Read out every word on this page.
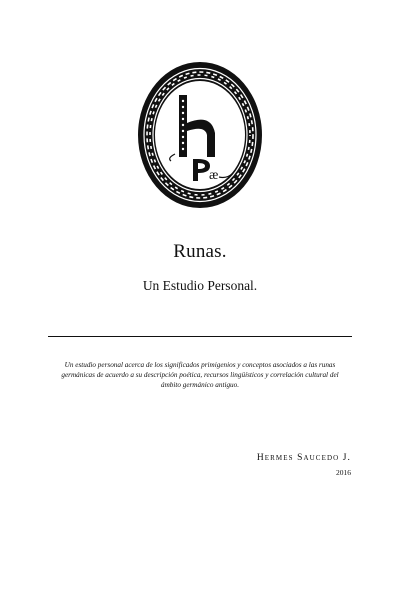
æ
Runas.
Un Estudio Personal.
Un estudio personal acerca de los significados primigenios y conceptos asociados a las runas germánicas de acuerdo a su descripción poética, recursos lingüísticos y correlación cultural del ámbito germánico antiguo.
Hermes Saucedo J.
2016
